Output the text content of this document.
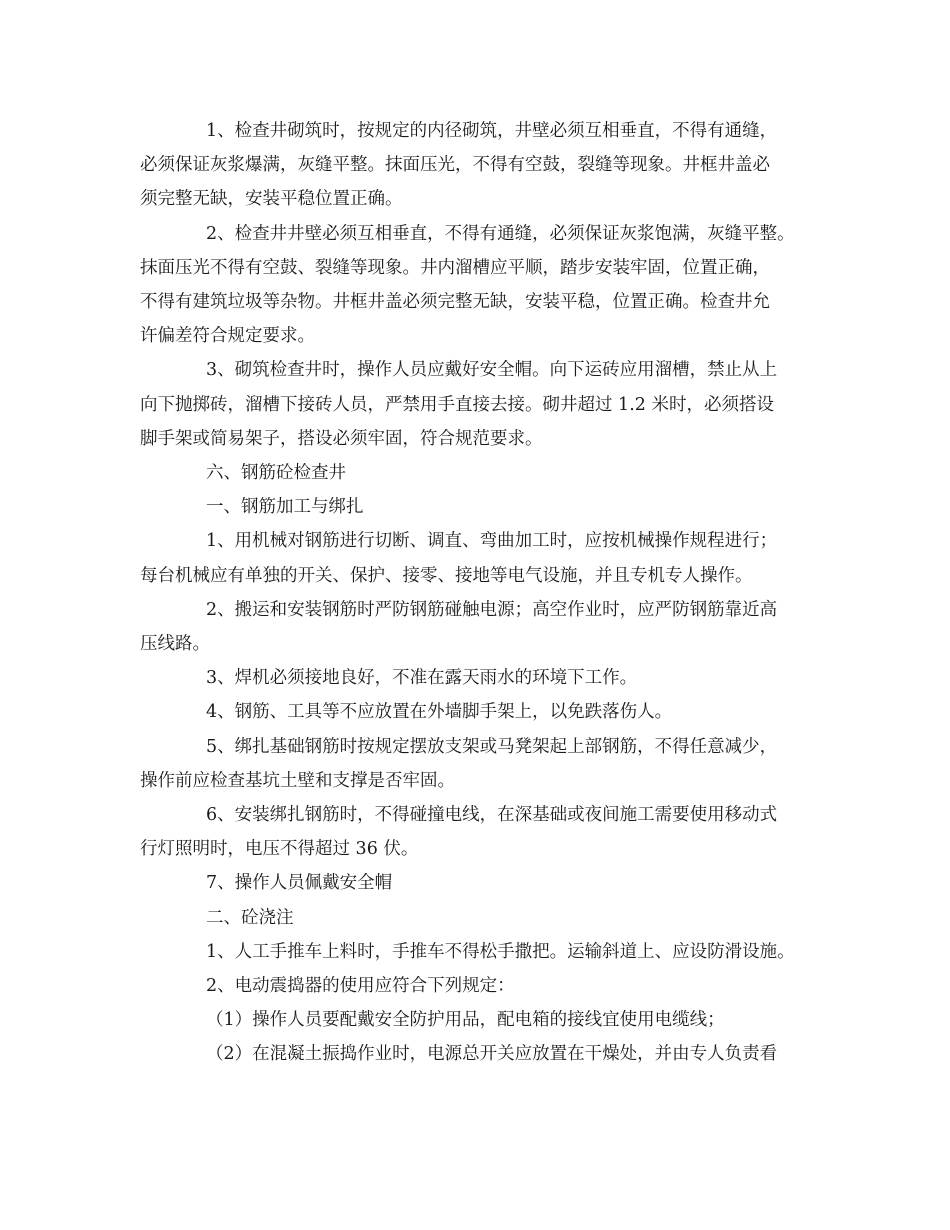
1、检查井砌筑时，按规定的内径砌筑，井壁必须互相垂直，不得有通缝，

必须保证灰浆爆满，灰缝平整。抹面压光，不得有空鼓，裂缝等现象。井框井盖必

须完整无缺，安装平稳位置正确。

2、检查井井壁必须互相垂直，不得有通缝，必须保证灰浆饱满，灰缝平整。

抹面压光不得有空鼓、裂缝等现象。井内溜槽应平顺，踏步安装牢固，位置正确，

不得有建筑垃圾等杂物。井框井盖必须完整无缺，安装平稳，位置正确。检查井允

许偏差符合规定要求。

3、砌筑检查井时，操作人员应戴好安全帽。向下运砖应用溜槽，禁止从上

向下抛掷砖，溜槽下接砖人员，严禁用手直接去接。砌井超过 1.2 米时，必须搭设

脚手架或简易架子，搭设必须牢固，符合规范要求。

六、钢筋砼检查井

一、钢筋加工与绑扎

1、用机械对钢筋进行切断、调直、弯曲加工时，应按机械操作规程进行；

每台机械应有单独的开关、保护、接零、接地等电气设施，并且专机专人操作。

2、搬运和安装钢筋时严防钢筋碰触电源；高空作业时，应严防钢筋靠近高

压线路。

3、焊机必须接地良好，不准在露天雨水的环境下工作。

4、钢筋、工具等不应放置在外墙脚手架上，以免跌落伤人。

5、绑扎基础钢筋时按规定摆放支架或马凳架起上部钢筋，不得任意减少，

操作前应检查基坑土壁和支撑是否牢固。

6、安装绑扎钢筋时，不得碰撞电线，在深基础或夜间施工需要使用移动式

行灯照明时，电压不得超过 36 伏。

7、操作人员佩戴安全帽

二、砼浇注

1、人工手推车上料时，手推车不得松手撒把。运输斜道上、应设防滑设施。

2、电动震捣器的使用应符合下列规定：

（1）操作人员要配戴安全防护用品，配电箱的接线宜使用电缆线；

（2）在混凝土振捣作业时，电源总开关应放置在干燥处，并由专人负责看
